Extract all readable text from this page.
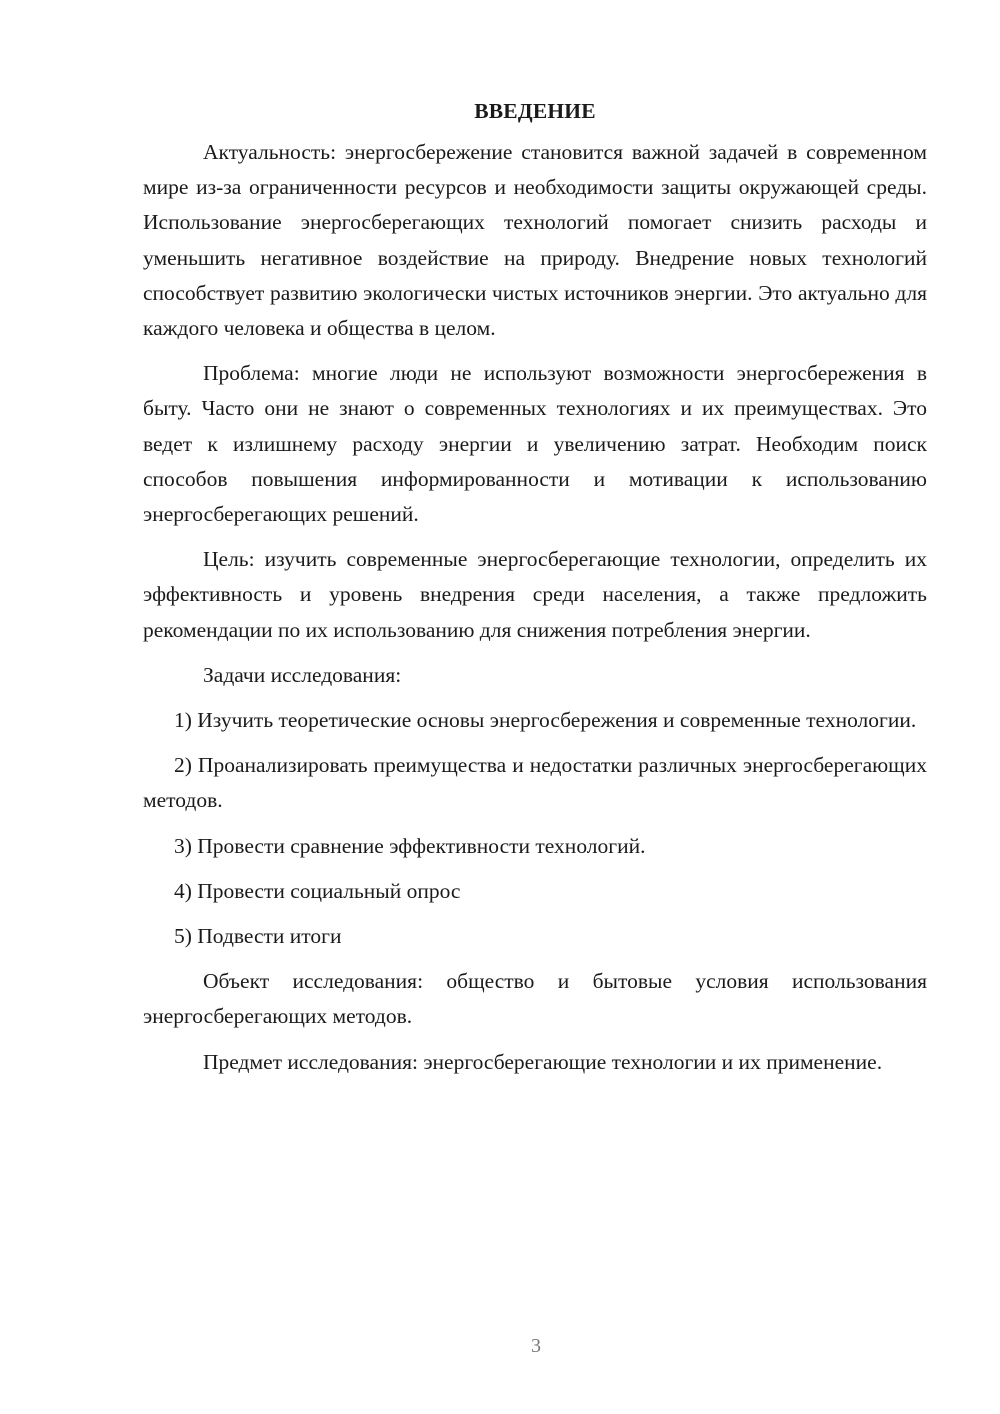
ВВЕДЕНИЕ

Актуальность: энергосбережение становится важной задачей в современном мире из-за ограниченности ресурсов и необходимости защиты окружающей среды. Использование энергосберегающих технологий помогает снизить расходы и уменьшить негативное воздействие на природу. Внедрение новых технологий способствует развитию экологически чистых источников энергии. Это актуально для каждого человека и общества в целом.

Проблема: многие люди не используют возможности энергосбережения в быту. Часто они не знают о современных технологиях и их преимуществах. Это ведет к излишнему расходу энергии и увеличению затрат. Необходим поиск способов повышения информированности и мотивации к использованию энергосберегающих решений.

Цель: изучить современные энергосберегающие технологии, определить их эффективность и уровень внедрения среди населения, а также предложить рекомендации по их использованию для снижения потребления энергии.

Задачи исследования:

1) Изучить теоретические основы энергосбережения и современные технологии.

2) Проанализировать преимущества и недостатки различных энергосберегающих методов.

3) Провести сравнение эффективности технологий.

4) Провести социальный опрос

5) Подвести итоги

Объект исследования: общество и бытовые условия использования энергосберегающих методов.

Предмет исследования: энергосберегающие технологии и их применение.

3
